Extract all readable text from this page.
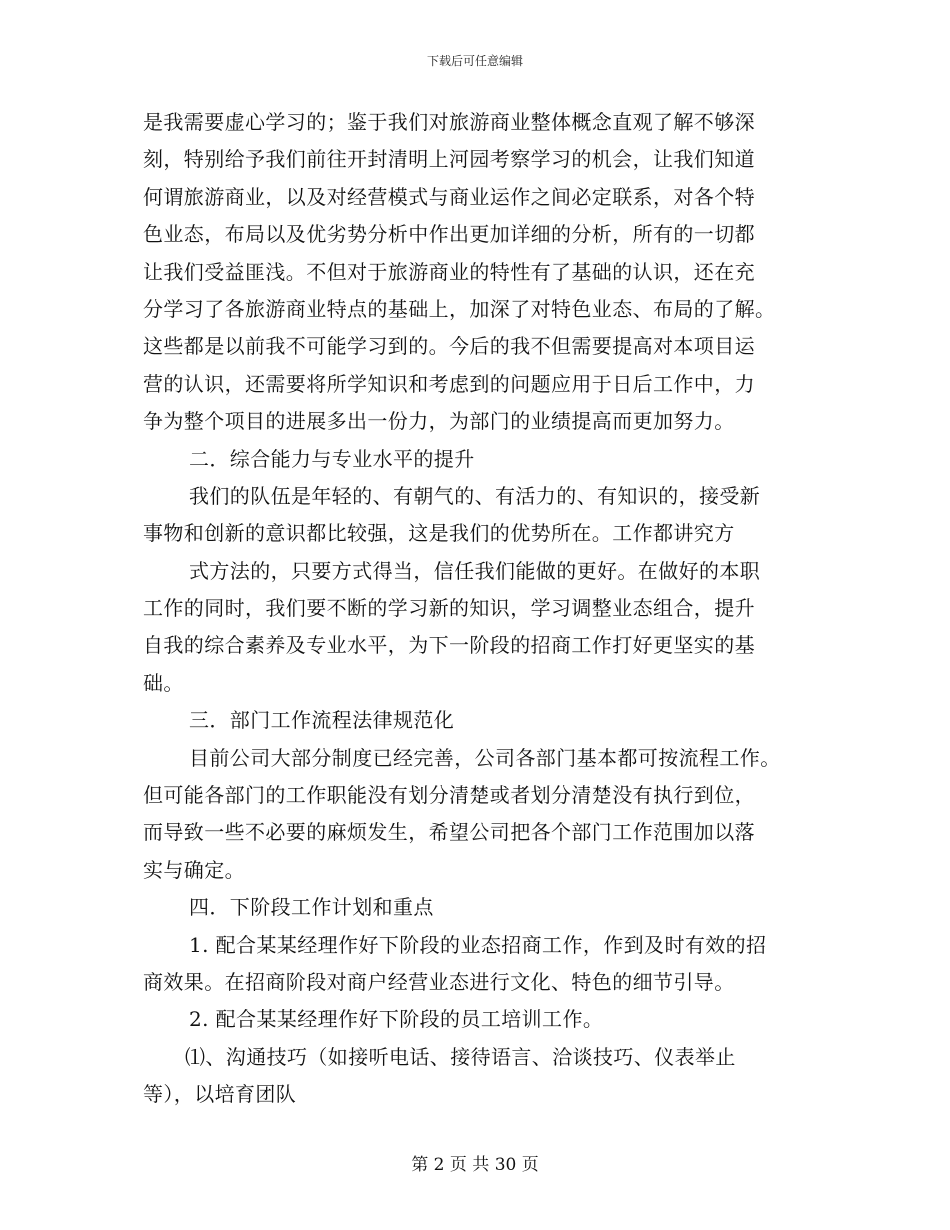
下载后可任意编辑
是我需要虚心学习的；鉴于我们对旅游商业整体概念直观了解不够深
刻，特别给予我们前往开封清明上河园考察学习的机会，让我们知道
何谓旅游商业，以及对经营模式与商业运作之间必定联系，对各个特
色业态，布局以及优劣势分析中作出更加详细的分析，所有的一切都
让我们受益匪浅。不但对于旅游商业的特性有了基础的认识，还在充
分学习了各旅游商业特点的基础上，加深了对特色业态、布局的了解。
这些都是以前我不可能学习到的。今后的我不但需要提高对本项目运
营的认识，还需要将所学知识和考虑到的问题应用于日后工作中，力
争为整个项目的进展多出一份力，为部门的业绩提高而更加努力。
二．综合能力与专业水平的提升
我们的队伍是年轻的、有朝气的、有活力的、有知识的，接受新
事物和创新的意识都比较强，这是我们的优势所在。工作都讲究方
式方法的，只要方式得当，信任我们能做的更好。在做好的本职
工作的同时，我们要不断的学习新的知识，学习调整业态组合，提升
自我的综合素养及专业水平，为下一阶段的招商工作打好更坚实的基
础。
三．部门工作流程法律规范化
目前公司大部分制度已经完善，公司各部门基本都可按流程工作。
但可能各部门的工作职能没有划分清楚或者划分清楚没有执行到位，
而导致一些不必要的麻烦发生，希望公司把各个部门工作范围加以落
实与确定。
四．下阶段工作计划和重点
1. 配合某某经理作好下阶段的业态招商工作，作到及时有效的招
商效果。在招商阶段对商户经营业态进行文化、特色的细节引导。
2. 配合某某经理作好下阶段的员工培训工作。
⑴、沟通技巧（如接听电话、接待语言、洽谈技巧、仪表举止
等），以培育团队
第 2 页 共 30 页
